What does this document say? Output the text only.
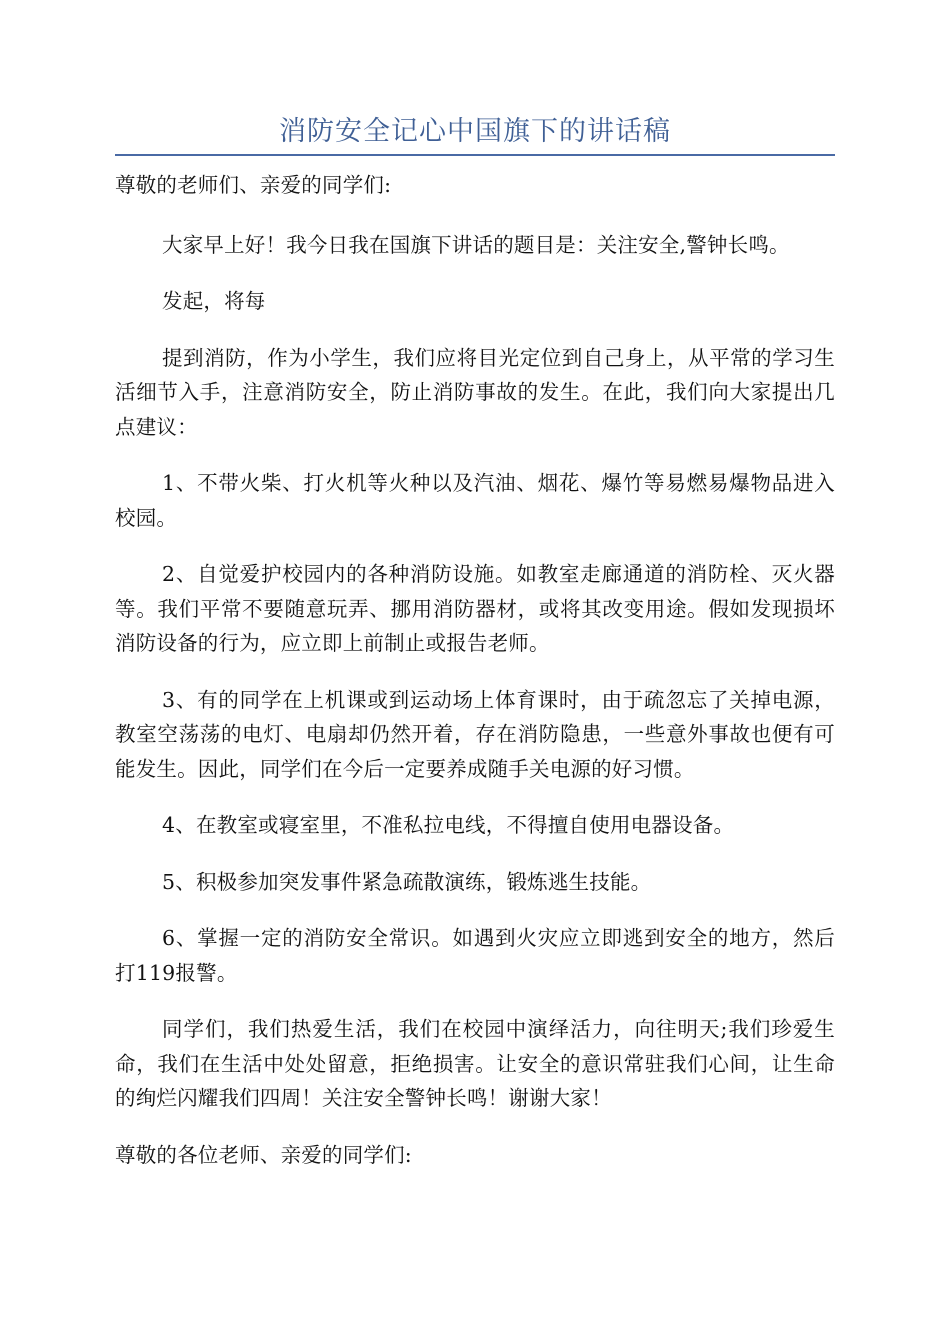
消防安全记心中国旗下的讲话稿

尊敬的老师们、亲爱的同学们:

大家早上好！我今日我在国旗下讲话的题目是：关注安全,警钟长鸣。

发起，将每

提到消防，作为小学生，我们应将目光定位到自己身上，从平常的学习生活细节入手，注意消防安全，防止消防事故的发生。在此，我们向大家提出几点建议：

1、不带火柴、打火机等火种以及汽油、烟花、爆竹等易燃易爆物品进入校园。

2、自觉爱护校园内的各种消防设施。如教室走廊通道的消防栓、灭火器等。我们平常不要随意玩弄、挪用消防器材，或将其改变用途。假如发现损坏消防设备的行为，应立即上前制止或报告老师。

3、有的同学在上机课或到运动场上体育课时，由于疏忽忘了关掉电源，教室空荡荡的电灯、电扇却仍然开着，存在消防隐患，一些意外事故也便有可能发生。因此，同学们在今后一定要养成随手关电源的好习惯。

4、在教室或寝室里，不准私拉电线，不得擅自使用电器设备。

5、积极参加突发事件紧急疏散演练，锻炼逃生技能。

6、掌握一定的消防安全常识。如遇到火灾应立即逃到安全的地方，然后打119报警。

同学们，我们热爱生活，我们在校园中演绎活力，向往明天;我们珍爱生命，我们在生活中处处留意，拒绝损害。让安全的意识常驻我们心间，让生命的绚烂闪耀我们四周！关注安全警钟长鸣！谢谢大家！

尊敬的各位老师、亲爱的同学们:
